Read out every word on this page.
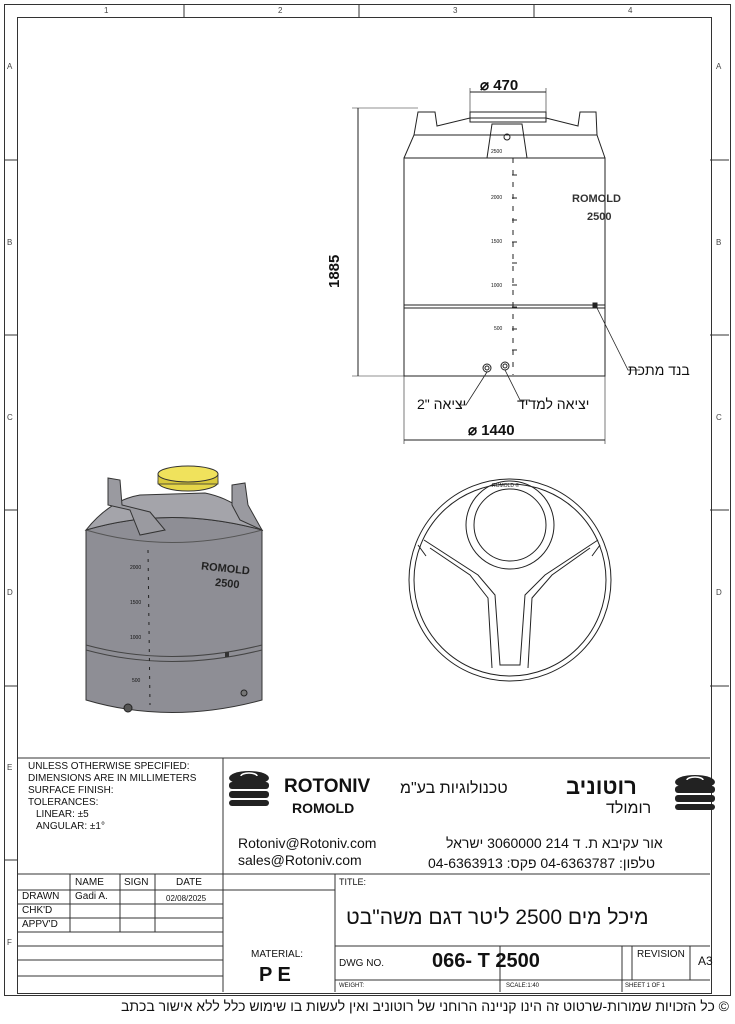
1	2	3	4
A
B
C
D
E
F
A
B
C
D
⌀ 470
1885
⌀ 1440
בנד מתכת
יציאה למדיד
יציאה "2
2500
2000
1500
1000
500
ROMOLD
2500
ROMOLD
2500
2000
1500
1000
500
ROMOLD ®
UNLESS OTHERWISE SPECIFIED:
DIMENSIONS ARE IN MILLIMETERS
SURFACE FINISH:
TOLERANCES:
LINEAR: ±5
ANGULAR: ±1°
ROTONIV
ROMOLD
טכנולוגיות בע"מ	רוטוניב
רומולד
Rotoniv@Rotoniv.com
sales@Rotoniv.com
אור עקיבא ת. ד 214 3060000 ישראל
טלפון: 04-6363787 פקס: 04-6363913
NAME SIGN	DATE
DRAWN Gadi A.	02/08/2025
CHK'D
APPV'D
TITLE:
מיכל מים 2500 ליטר דגם משה"בט
MATERIAL:
P E
DWG NO. 066- T 2500	REVISION A3
WEIGHT:	SCALE:1:40	SHEET 1 OF 1
© כל הזכויות שמורות-שרטוט זה הינו קניינה הרוחני של רוטוניב ואין לעשות בו שימוש כלל ללא אישור בכתב
